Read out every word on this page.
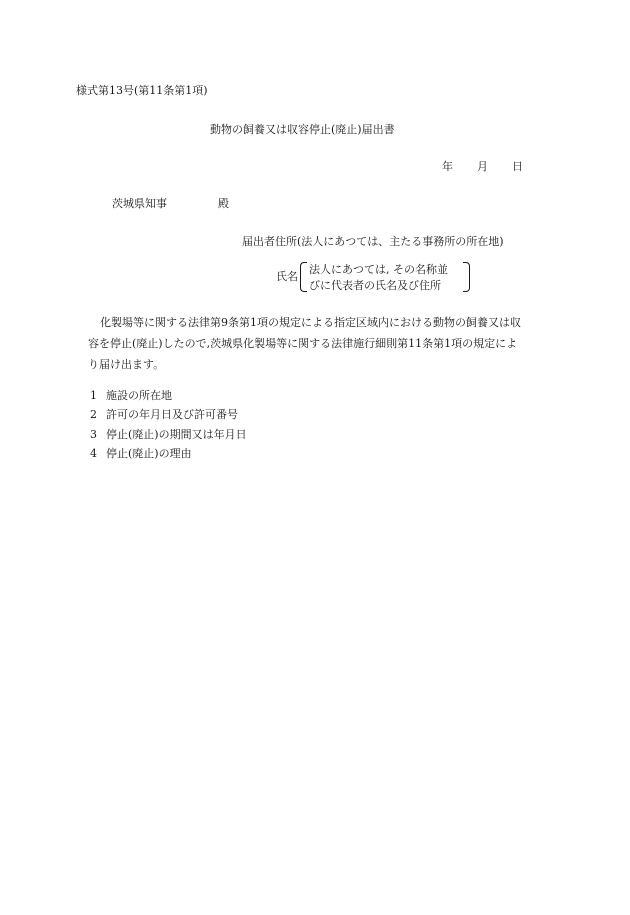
様式第13号(第11条第1項)
動物の飼養又は収容停止(廃止)届出書
年 月 日
茨城県知事	殿
届出者住所(法人にあつては、主たる事務所の所在地)
氏名
法人にあつては, その名称並
びに代表者の氏名及び住所
化製場等に関する法律第9条第1項の規定による指定区域内における動物の飼養又は収
容を停止(廃止)したので,茨城県化製場等に関する法律施行細則第11条第1項の規定によ
り届け出ます。
1 施設の所在地
2 許可の年月日及び許可番号
3 停止(廃止)の期間又は年月日
4 停止(廃止)の理由
